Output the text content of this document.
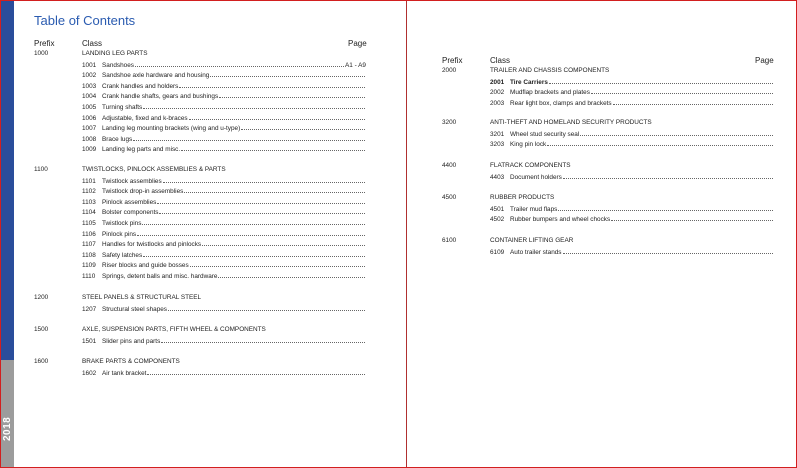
2018
Table of Contents
Prefix	Class	Page
Prefix	Class	Page
1000	LANDING LEG PARTS
1001 Sandshoes	A1 - A9
1002 Sandshoe axle hardware and housing
1003 Crank handles and holders
1004 Crank handle shafts, gears and bushings
1005 Turning shafts
1006 Adjustable, fixed and k-braces
1007 Landing leg mounting brackets (wing and u-type)
1008 Brace lugs
1009 Landing leg parts and misc.
1100	TWISTLOCKS, PINLOCK ASSEMBLIES & PARTS
1101 Twistlock assemblies
1102 Twistlock drop-in assemblies
1103 Pinlock assemblies
1104 Bolster components
1105 Twistlock pins
1106 Pinlock pins
1107 Handles for twistlocks and pinlocks
1108 Safety latches
1109 Riser blocks and guide bosses
1110	Springs, detent balls and misc. hardware
1200	STEEL PANELS & STRUCTURAL STEEL
1207 Structural steel shapes
1500	AXLE, SUSPENSION PARTS, FIFTH WHEEL & COMPONENTS
1501 Slider pins and parts
1600	BRAKE PARTS & COMPONENTS
1602 Air tank bracket
2000	TRAILER AND CHASSIS COMPONENTS
2001 Tire Carriers
2002 Mudflap brackets and plates
2003 Rear light box, clamps and brackets
3200	ANTI-THEFT AND HOMELAND SECURITY PRODUCTS
3201 Wheel stud security seal
3203 King pin lock
4400	FLATRACK COMPONENTS
4403 Document holders
4500	RUBBER PRODUCTS
4501 Trailer mud flaps
4502 Rubber bumpers and wheel chocks
6100	CONTAINER LIFTING GEAR
6109 Auto trailer stands
